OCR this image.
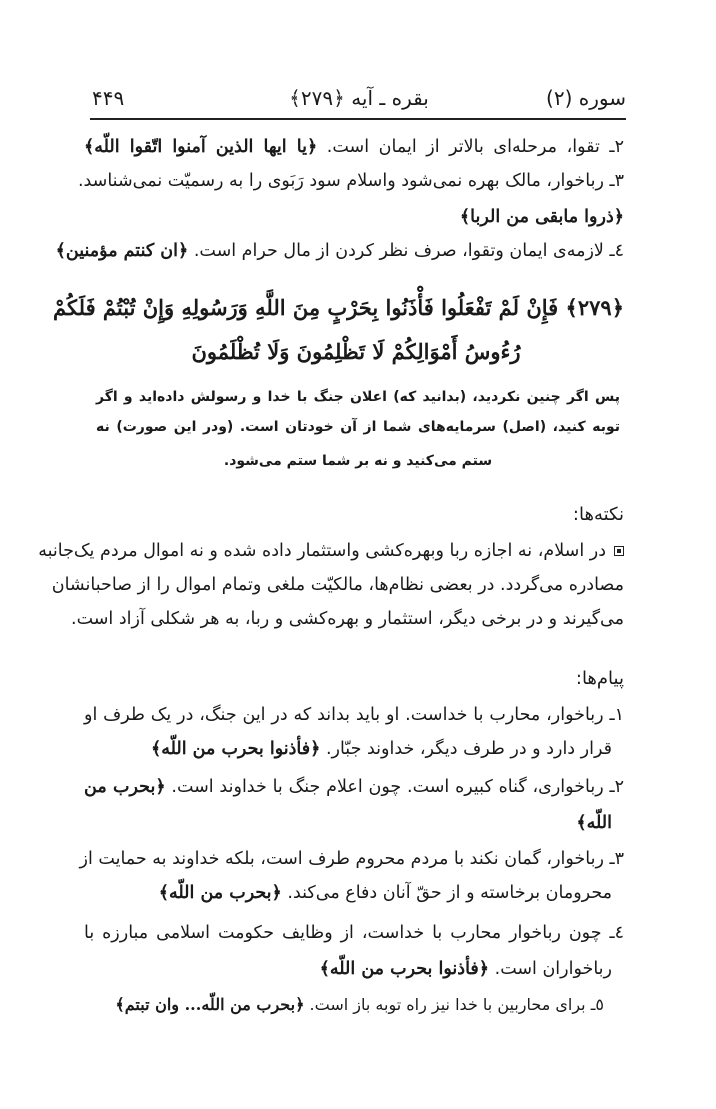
سوره (۲)
بقره ـ آیه ﴿۲۷۹﴾
۴۴۹
۲ـ تقوا، مرحله‌ای بالاتر از ایمان است. ﴿یا ایها الذین آمنوا اتّقوا اللّه﴾
۳ـ رباخوار، مالک بهره نمی‌شود واسلام سود رَبَوی را به رسمیّت نمی‌شناسد.
﴿ذروا مابقی من الربا﴾
٤ـ لازمه‌ی ایمان وتقوا، صرف نظر کردن از مال حرام است. ﴿ان کنتم مؤمنین﴾
﴿۲۷۹﴾ فَإِنْ لَمْ تَفْعَلُوا فَأْذَنُوا بِحَرْبٍ مِنَ اللَّهِ وَرَسُولِهِ وَإِنْ تُبْتُمْ فَلَكُمْ
رُءُوسُ أَمْوَالِكُمْ لَا تَظْلِمُونَ وَلَا تُظْلَمُونَ
پس اگر چنین نکردید، (بدانید که) اعلان جنگ با خدا و رسولش داده‌اید و اگر
توبه کنید، (اصل) سرمایه‌های شما از آن خودتان است. (ودر این صورت) نه
ستم می‌کنید و نه بر شما ستم می‌شود.
نکته‌ها:
در اسلام، نه اجازه ربا وبهره‌کشی واستثمار داده شده و نه اموال مردم یک‌جانبه
مصادره می‌گردد. در بعضی نظام‌ها، مالکیّت ملغی وتمام اموال را از صاحبانشان
می‌گیرند و در برخی دیگر، استثمار و بهره‌کشی و ربا، به هر شکلی آزاد است.
پیام‌ها:
۱ـ رباخوار، محارب با خداست. او باید بداند که در این جنگ، در یک طرف او
قرار دارد و در طرف دیگر، خداوند جبّار. ﴿فأذنوا بحرب من اللّه﴾
۲ـ رباخواری، گناه کبیره است. چون اعلام جنگ با خداوند است. ﴿بحرب من
اللّه﴾
۳ـ رباخوار، گمان نکند با مردم محروم طرف است، بلکه خداوند به حمایت از
محرومان برخاسته و از حقّ آنان دفاع می‌کند. ﴿بحرب من اللّه﴾
٤ـ چون رباخوار محارب با خداست، از وظایف حکومت اسلامی مبارزه با
رباخواران است. ﴿فأذنوا بحرب من اللّه﴾
٥ـ برای محاربین با خدا نیز راه توبه باز است. ﴿بحرب من اللّه... وان تبتم﴾
